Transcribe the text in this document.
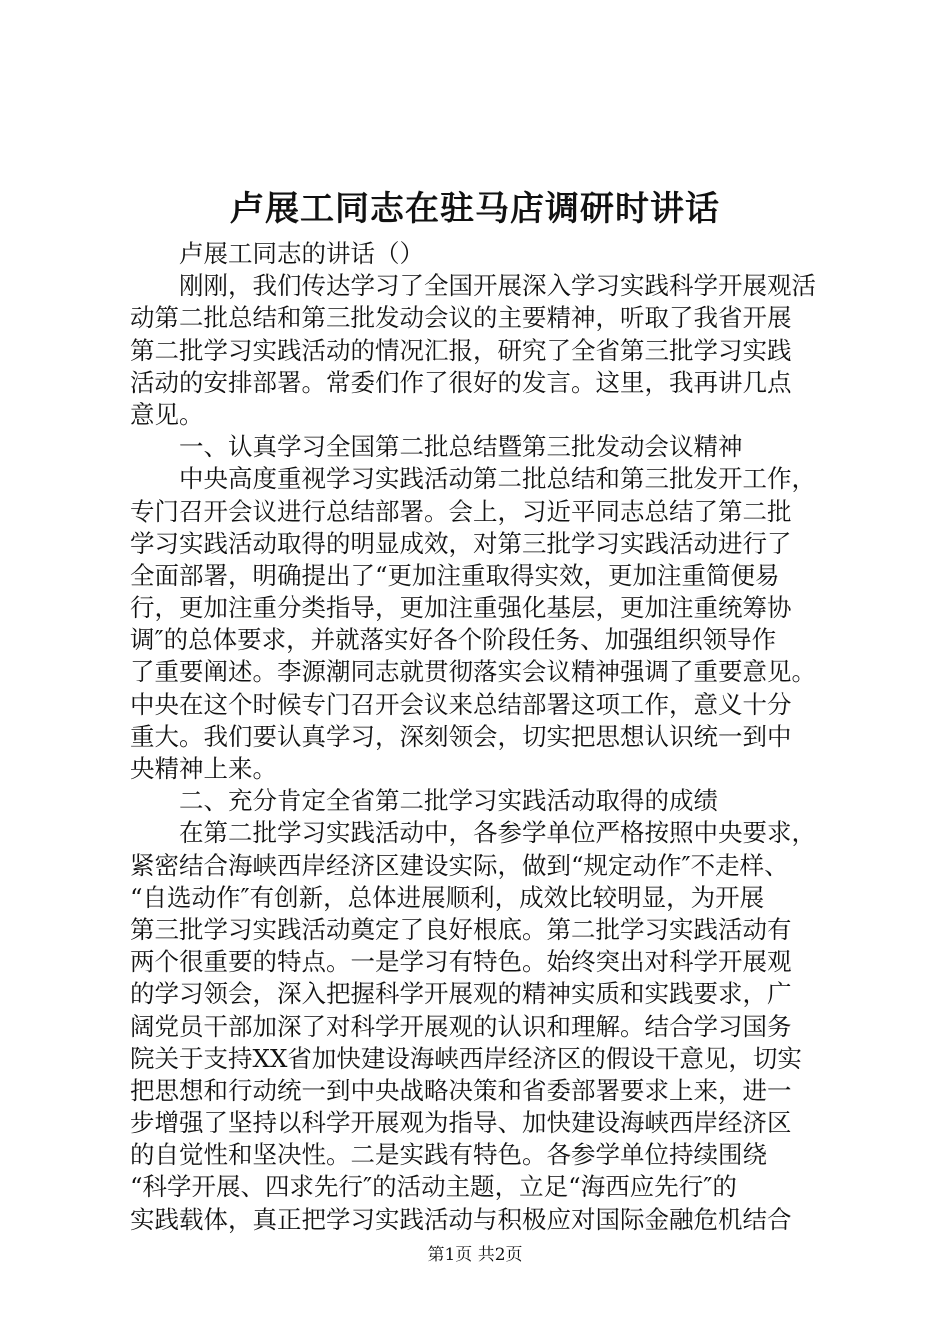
卢展工同志在驻马店调研时讲话
卢展工同志的讲话（）
刚刚，我们传达学习了全国开展深入学习实践科学开展观活
动第二批总结和第三批发动会议的主要精神，听取了我省开展
第二批学习实践活动的情况汇报，研究了全省第三批学习实践
活动的安排部署。常委们作了很好的发言。这里，我再讲几点
意见。
一、认真学习全国第二批总结暨第三批发动会议精神
中央高度重视学习实践活动第二批总结和第三批发开工作，
专门召开会议进行总结部署。会上，习近平同志总结了第二批
学习实践活动取得的明显成效，对第三批学习实践活动进行了
全面部署，明确提出了“更加注重取得实效，更加注重简便易
行，更加注重分类指导，更加注重强化基层，更加注重统筹协
调″的总体要求，并就落实好各个阶段任务、加强组织领导作
了重要阐述。李源潮同志就贯彻落实会议精神强调了重要意见。
中央在这个时候专门召开会议来总结部署这项工作，意义十分
重大。我们要认真学习，深刻领会，切实把思想认识统一到中
央精神上来。
二、充分肯定全省第二批学习实践活动取得的成绩
在第二批学习实践活动中，各参学单位严格按照中央要求，
紧密结合海峡西岸经济区建设实际，做到“规定动作″不走样、
“自选动作″有创新，总体进展顺利，成效比较明显，为开展
第三批学习实践活动奠定了良好根底。第二批学习实践活动有
两个很重要的特点。一是学习有特色。始终突出对科学开展观
的学习领会，深入把握科学开展观的精神实质和实践要求，广
阔党员干部加深了对科学开展观的认识和理解。结合学习国务
院关于支持XX省加快建设海峡西岸经济区的假设干意见，切实
把思想和行动统一到中央战略决策和省委部署要求上来，进一
步增强了坚持以科学开展观为指导、加快建设海峡西岸经济区
的自觉性和坚决性。二是实践有特色。各参学单位持续围绕
“科学开展、四求先行″的活动主题，立足“海西应先行″的
实践载体，真正把学习实践活动与积极应对国际金融危机结合
第1页 共2页
